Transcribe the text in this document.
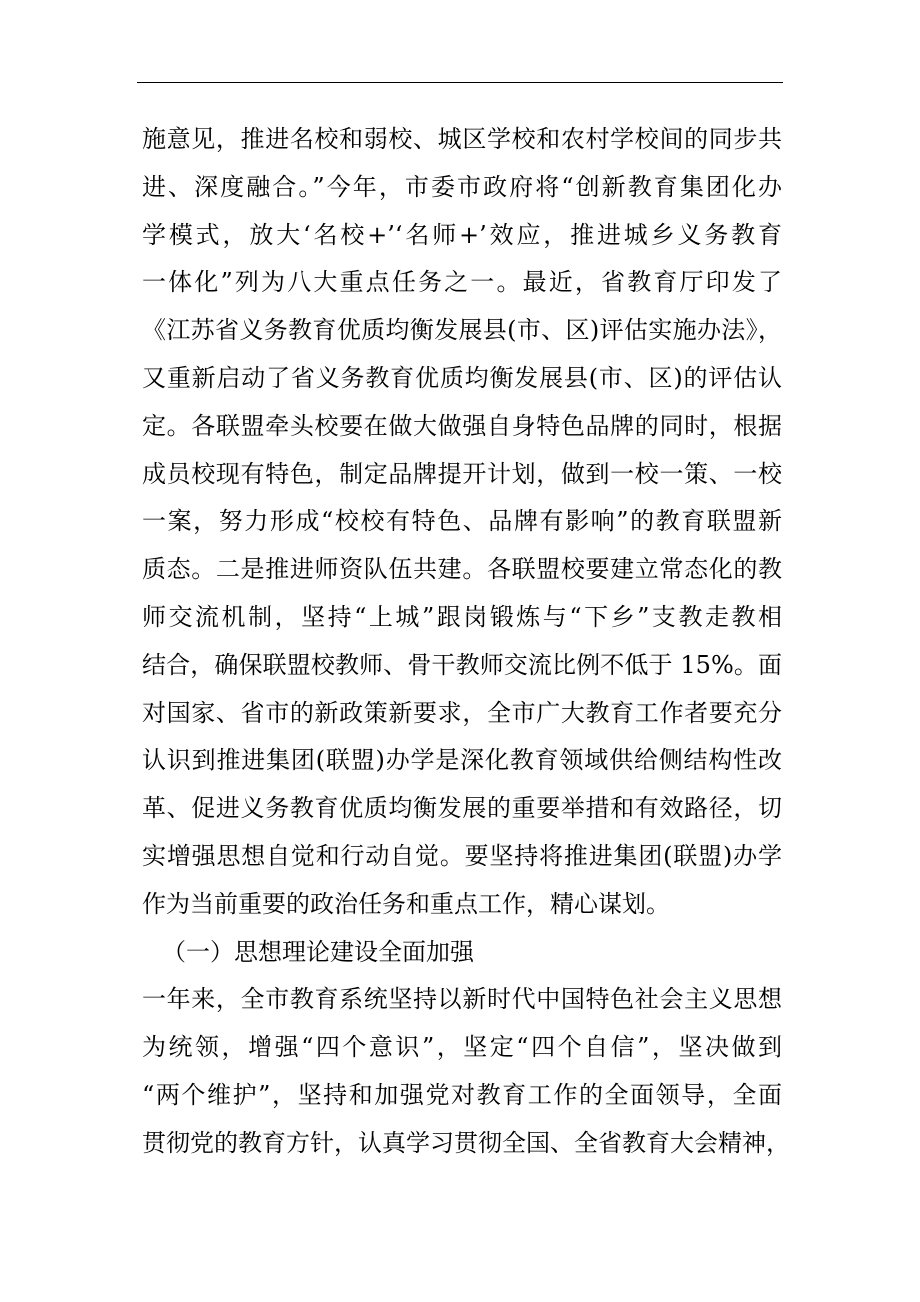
施意见，推进名校和弱校、城区学校和农村学校间的同步共
进、深度融合。”今年，市委市政府将“创新教育集团化办
学模式，放大‘名校+’‘名师+’效应，推进城乡义务教育
一体化”列为八大重点任务之一。最近，省教育厅印发了
《江苏省义务教育优质均衡发展县(市、区)评估实施办法》，
又重新启动了省义务教育优质均衡发展县(市、区)的评估认
定。各联盟牵头校要在做大做强自身特色品牌的同时，根据
成员校现有特色，制定品牌提开计划，做到一校一策、一校
一案，努力形成“校校有特色、品牌有影响”的教育联盟新
质态。二是推进师资队伍共建。各联盟校要建立常态化的教
师交流机制，坚持“上城”跟岗锻炼与“下乡”支教走教相
结合，确保联盟校教师、骨干教师交流比例不低于 15%。面
对国家、省市的新政策新要求，全市广大教育工作者要充分
认识到推进集团(联盟)办学是深化教育领域供给侧结构性改
革、促进义务教育优质均衡发展的重要举措和有效路径，切
实增强思想自觉和行动自觉。要坚持将推进集团(联盟)办学
作为当前重要的政治任务和重点工作，精心谋划。
（一）思想理论建设全面加强
一年来，全市教育系统坚持以新时代中国特色社会主义思想
为统领，增强“四个意识”，坚定“四个自信”，坚决做到
“两个维护”，坚持和加强党对教育工作的全面领导，全面
贯彻党的教育方针，认真学习贯彻全国、全省教育大会精神，
